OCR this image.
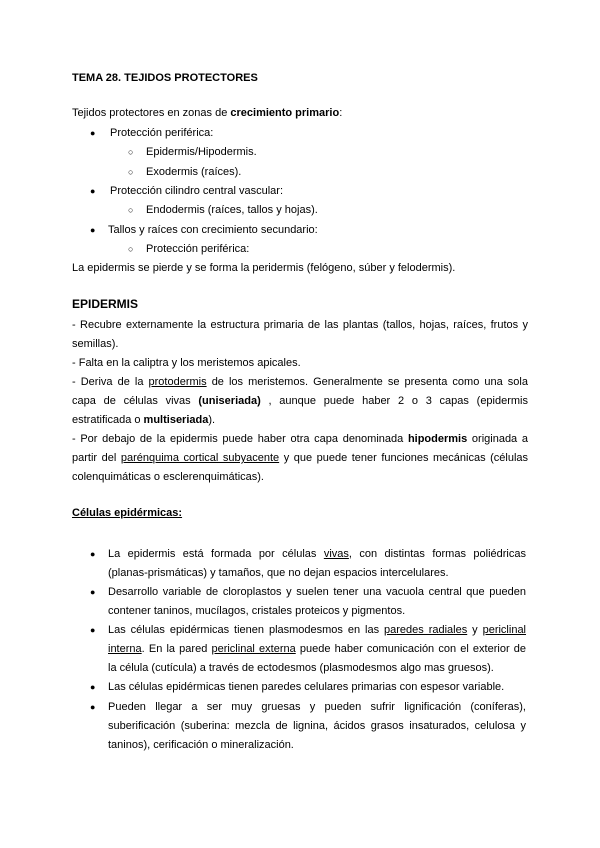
TEMA 28. TEJIDOS PROTECTORES
Tejidos protectores en zonas de crecimiento primario:
● Protección periférica:
○ Epidermis/Hipodermis.
○ Exodermis (raíces).
● Protección cilindro central vascular:
○ Endodermis (raíces, tallos y hojas).
● Tallos y raíces con crecimiento secundario:
○ Protección periférica:
La epidermis se pierde y se forma la peridermis (felógeno, súber y felodermis).
EPIDERMIS
- Recubre externamente la estructura primaria de las plantas (tallos, hojas, raíces, frutos y
semillas).
- Falta en la caliptra y los meristemos apicales.
- Deriva de la protodermis de los meristemos. Generalmente se presenta como una sola
capa de células vivas (uniseriada) , aunque puede haber 2 o 3 capas (epidermis
estratificada o multiseriada).
- Por debajo de la epidermis puede haber otra capa denominada hipodermis originada a
partir del parénquima cortical subyacente y que puede tener funciones mecánicas (células
colenquimáticas o esclerenquimáticas).
Células epidérmicas:
● La epidermis está formada por células vivas, con distintas formas poliédricas
(planas-prismáticas) y tamaños, que no dejan espacios intercelulares.
● Desarrollo variable de cloroplastos y suelen tener una vacuola central que pueden
contener taninos, mucílagos, cristales proteicos y pigmentos.
● Las células epidérmicas tienen plasmodesmos en las paredes radiales y periclinal
interna. En la pared periclinal externa puede haber comunicación con el exterior de
la célula (cutícula) a través de ectodesmos (plasmodesmos algo mas gruesos).
● Las células epidérmicas tienen paredes celulares primarias con espesor variable.
● Pueden llegar a ser muy gruesas y pueden sufrir lignificación (coníferas),
suberificación (suberina: mezcla de lignina, ácidos grasos insaturados, celulosa y
taninos), cerificación o mineralización.
